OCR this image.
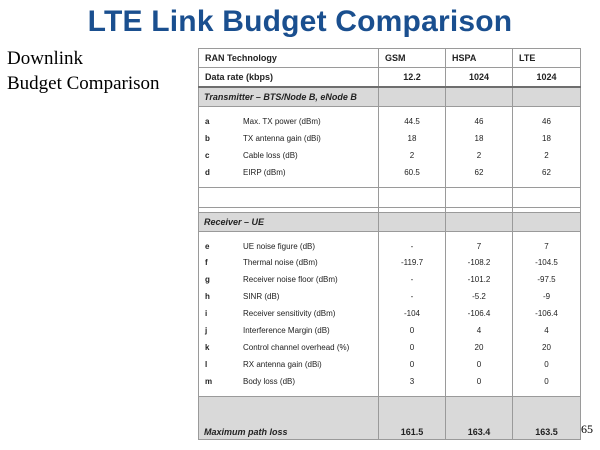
LTE Link Budget Comparison
Downlink
Budget Comparison
RAN Technology	GSM	HSPA	LTE
Data rate (kbps)	12.2	1024	1024
Transmitter – BTS/Node B, eNode B			

a Max. TX power (dBm)	44.5	46	46
b TX antenna gain (dBi)	18	18	18
c Cable loss (dB)	2	2	2
d EIRP (dBm)	60.5	62	62

Receiver – UE			

e UE noise figure (dB)	-	7	7
f Thermal noise (dBm)	-119.7	-108.2	-104.5
g Receiver noise floor (dBm)	-	-101.2	-97.5
h SINR (dB)	-	-5.2	-9
i Receiver sensitivity (dBm)	-104	-106.4	-106.4
j Interference Margin (dB)	0	4	4
k Control channel overhead (%)	0	20	20
l RX antenna gain (dBi)	0	0	0
m Body loss (dB)	3	0	0

Maximum path loss	161.5	163.4	163.5 65
